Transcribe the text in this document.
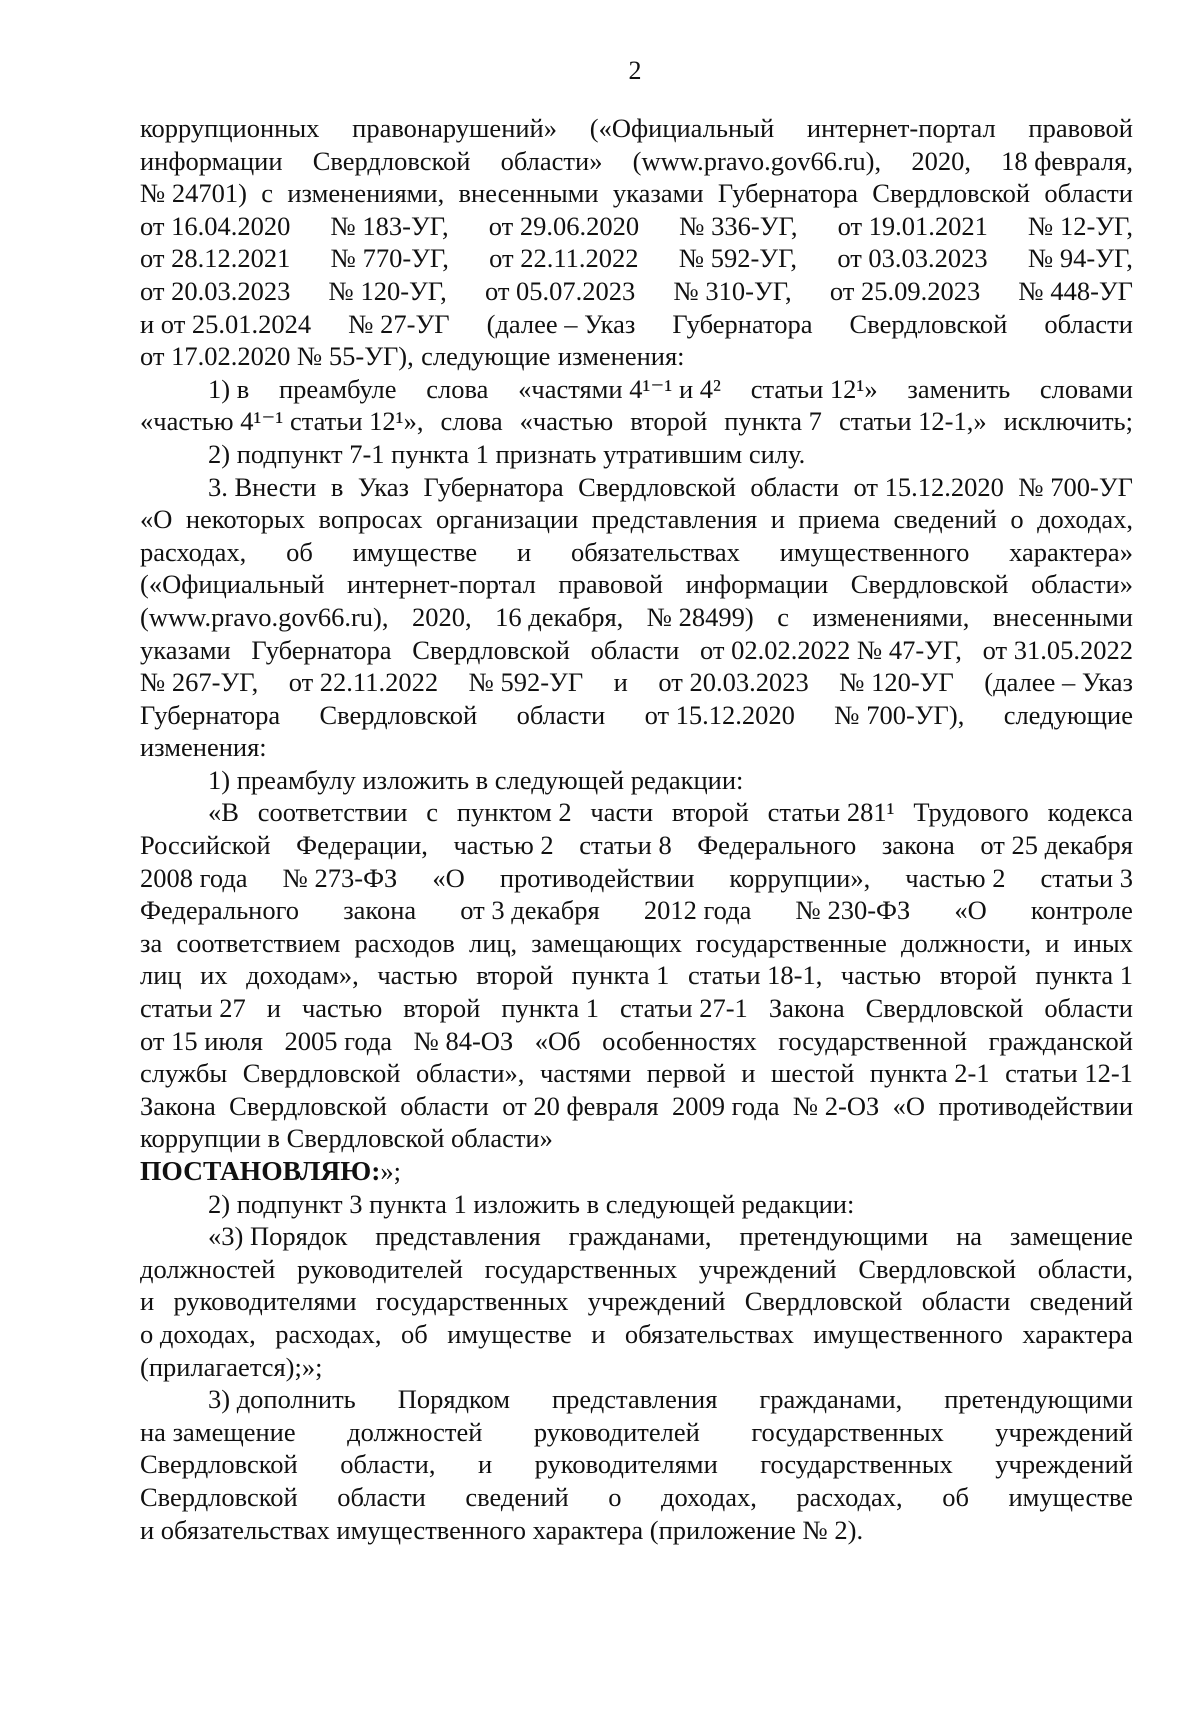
2
коррупционных правонарушений» («Официальный интернет-портал правовой
информации Свердловской области» (www.pravo.gov66.ru), 2020, 18 февраля,
№ 24701) с изменениями, внесенными указами Губернатора Свердловской области
от 16.04.2020 № 183-УГ, от 29.06.2020 № 336-УГ, от 19.01.2021 № 12-УГ,
от 28.12.2021 № 770-УГ, от 22.11.2022 № 592-УГ, от 03.03.2023 № 94-УГ,
от 20.03.2023 № 120-УГ, от 05.07.2023 № 310-УГ, от 25.09.2023 № 448-УГ
и от 25.01.2024 № 27-УГ (далее – Указ Губернатора Свердловской области
от 17.02.2020 № 55-УГ), следующие изменения:
1) в преамбуле слова «частями 4¹⁻¹ и 4² статьи 12¹» заменить словами
«частью 4¹⁻¹ статьи 12¹», слова «частью второй пункта 7 статьи 12-1,» исключить;
2) подпункт 7-1 пункта 1 признать утратившим силу.
3. Внести в Указ Губернатора Свердловской области от 15.12.2020 № 700-УГ
«О некоторых вопросах организации представления и приема сведений о доходах,
расходах, об имуществе и обязательствах имущественного характера»
(«Официальный интернет-портал правовой информации Свердловской области»
(www.pravo.gov66.ru), 2020, 16 декабря, № 28499) с изменениями, внесенными
указами Губернатора Свердловской области от 02.02.2022 № 47-УГ, от 31.05.2022
№ 267-УГ, от 22.11.2022 № 592-УГ и от 20.03.2023 № 120-УГ (далее – Указ
Губернатора Свердловской области от 15.12.2020 № 700-УГ), следующие
изменения:
1) преамбулу изложить в следующей редакции:
«В соответствии с пунктом 2 части второй статьи 281¹ Трудового кодекса
Российской Федерации, частью 2 статьи 8 Федерального закона от 25 декабря
2008 года № 273-ФЗ «О противодействии коррупции», частью 2 статьи 3
Федерального закона от 3 декабря 2012 года № 230-ФЗ «О контроле
за соответствием расходов лиц, замещающих государственные должности, и иных
лиц их доходам», частью второй пункта 1 статьи 18-1, частью второй пункта 1
статьи 27 и частью второй пункта 1 статьи 27-1 Закона Свердловской области
от 15 июля 2005 года № 84-ОЗ «Об особенностях государственной гражданской
службы Свердловской области», частями первой и шестой пункта 2-1 статьи 12-1
Закона Свердловской области от 20 февраля 2009 года № 2-ОЗ «О противодействии
коррупции в Свердловской области»
ПОСТАНОВЛЯЮ: »;
2) подпункт 3 пункта 1 изложить в следующей редакции:
«3) Порядок представления гражданами, претендующими на замещение
должностей руководителей государственных учреждений Свердловской области,
и руководителями государственных учреждений Свердловской области сведений
о доходах, расходах, об имуществе и обязательствах имущественного характера
(прилагается);»;
3) дополнить Порядком представления гражданами, претендующими
на замещение должностей руководителей государственных учреждений
Свердловской области, и руководителями государственных учреждений
Свердловской области сведений о доходах, расходах, об имуществе
и обязательствах имущественного характера (приложение № 2).
